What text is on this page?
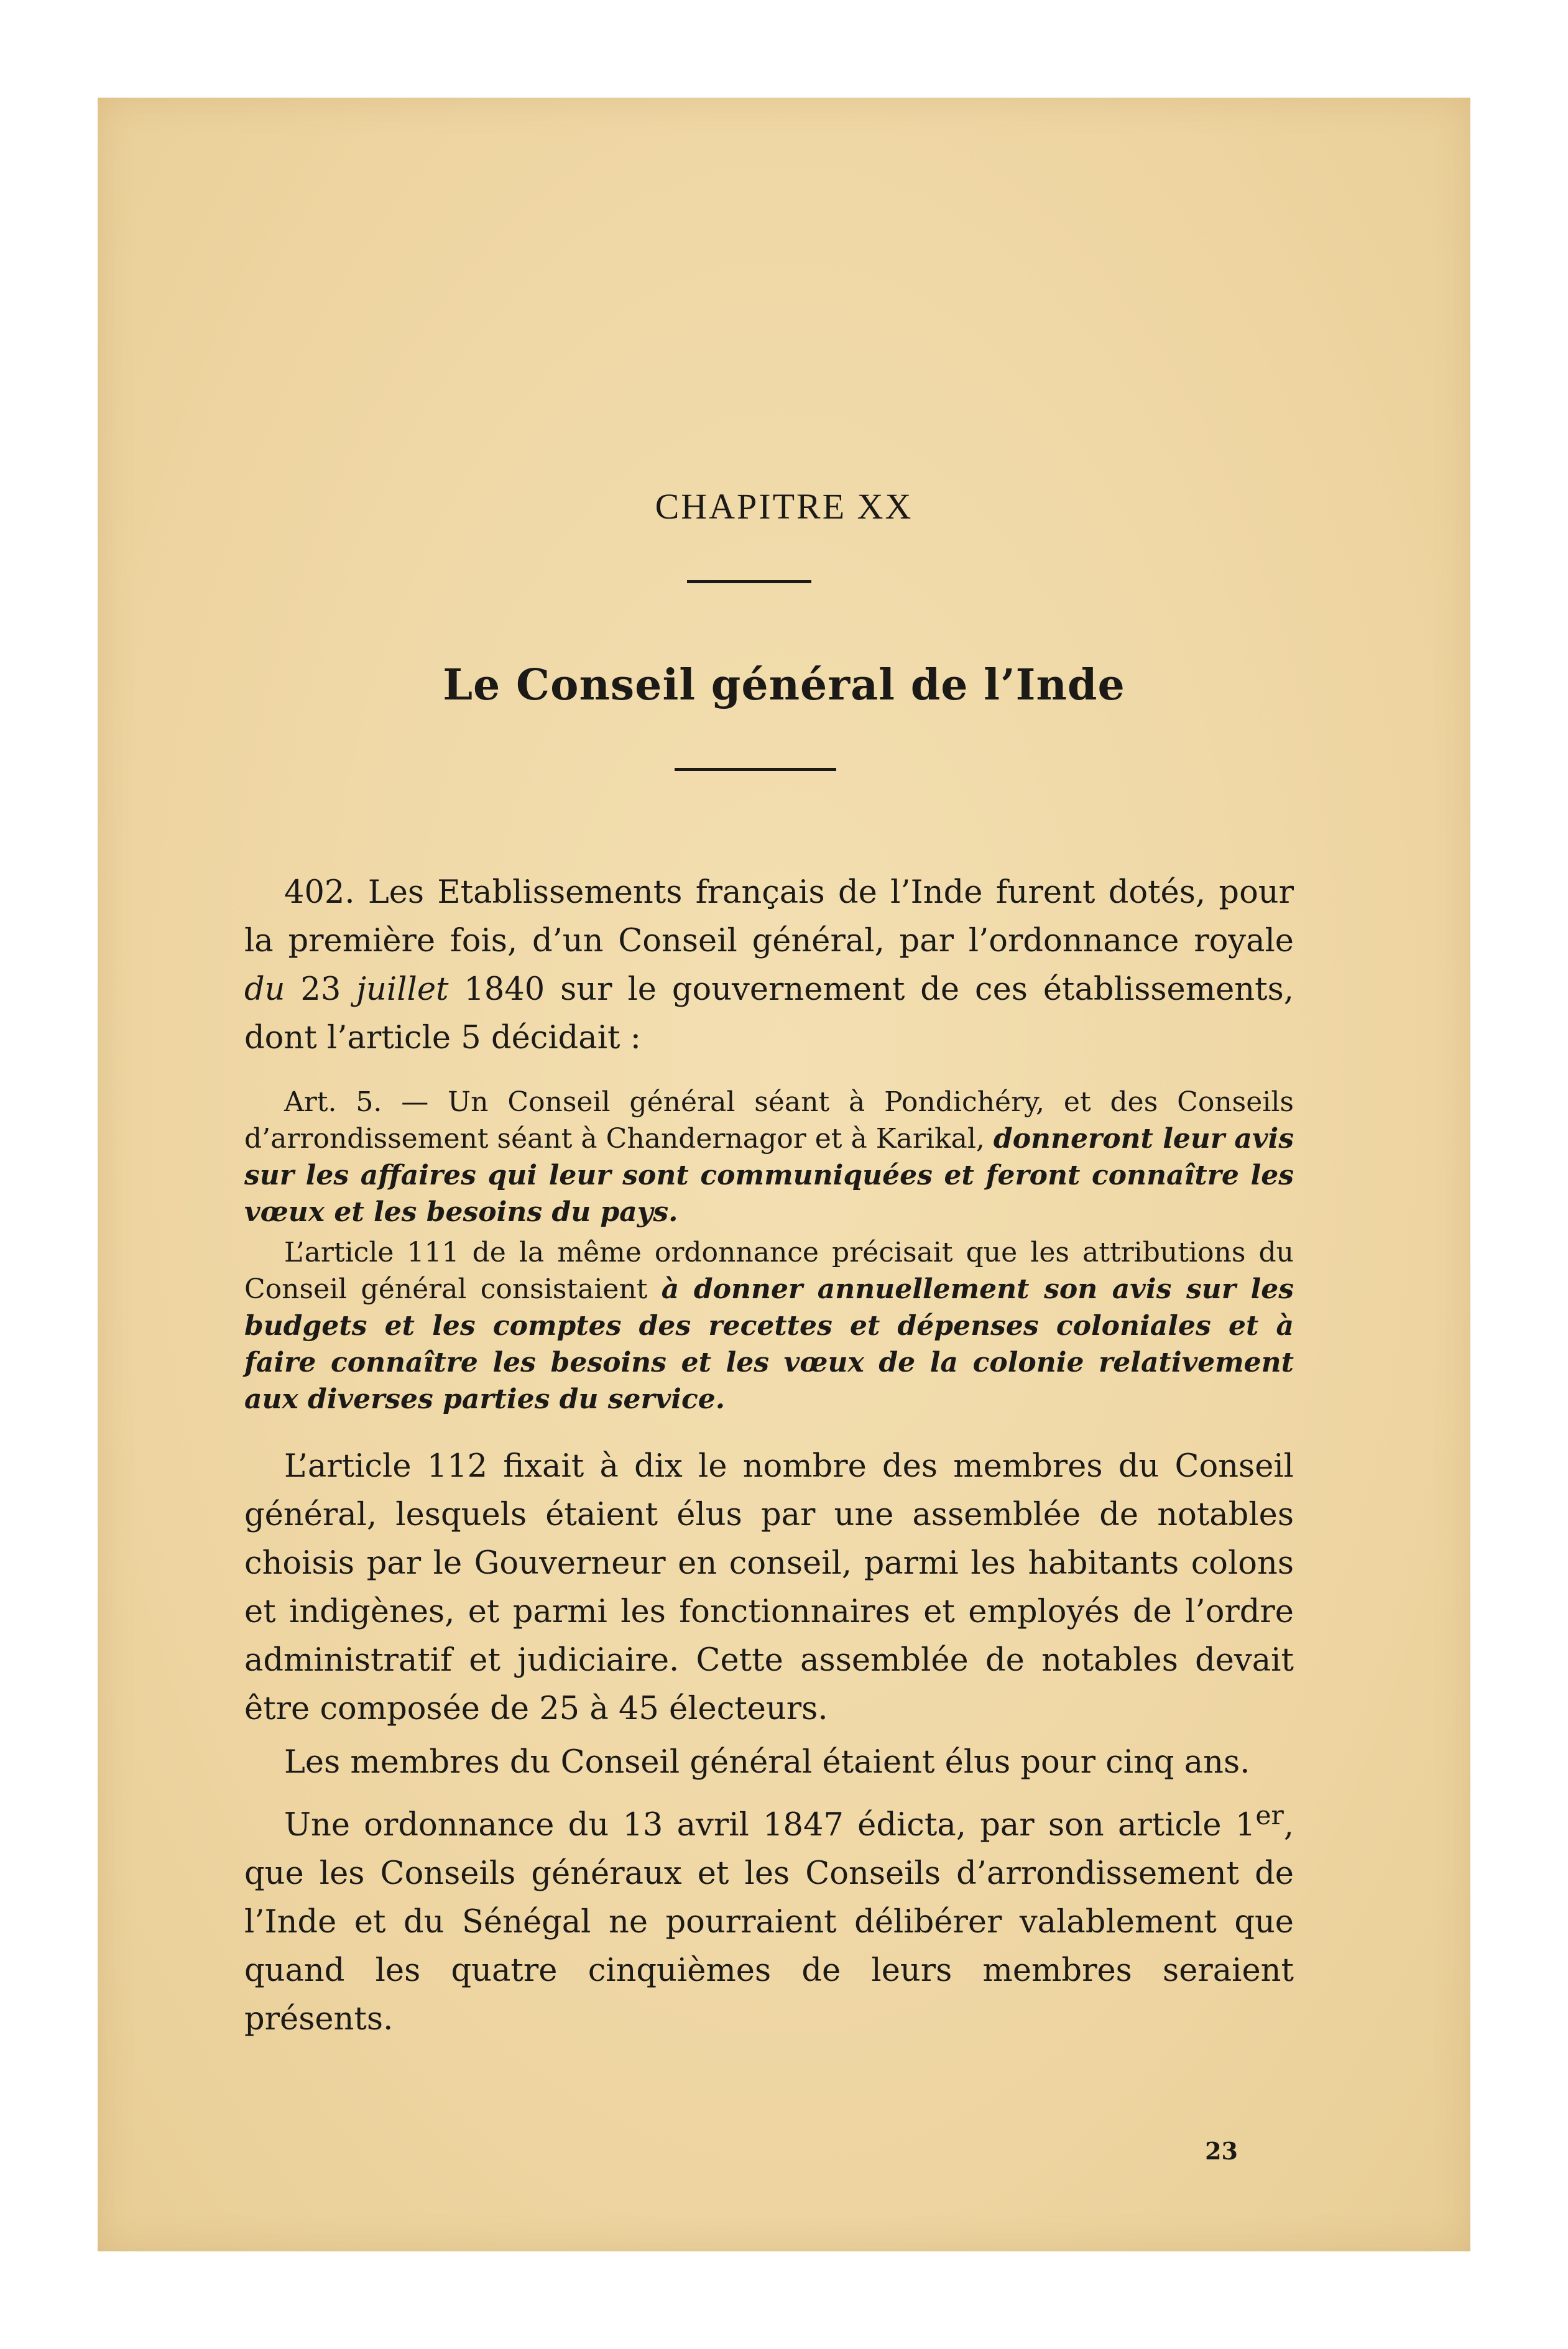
CHAPITRE XX
Le Conseil général de l’Inde

402. Les Etablissements français de l’Inde furent dotés, pour la première fois, d’un Conseil général, par l’ordonnance royale du 23 juillet 1840 sur le gouvernement de ces établissements, dont l’article 5 décidait :

Art. 5. — Un Conseil général séant à Pondichéry, et des Conseils d’arrondissement séant à Chandernagor et à Karikal, donneront leur avis sur les affaires qui leur sont communiquées et feront connaître les vœux et les besoins du pays.

L’article 111 de la même ordonnance précisait que les attributions du Conseil général consistaient à donner annuellement son avis sur les budgets et les comptes des recettes et dépenses coloniales et à faire connaître les besoins et les vœux de la colonie relativement aux diverses parties du service.

L’article 112 fixait à dix le nombre des membres du Conseil général, lesquels étaient élus par une assemblée de notables choisis par le Gouverneur en conseil, parmi les habitants colons et indigènes, et parmi les fonctionnaires et employés de l’ordre administratif et judiciaire. Cette assemblée de notables devait être composée de 25 à 45 électeurs.

Les membres du Conseil général étaient élus pour cinq ans.

Une ordonnance du 13 avril 1847 édicta, par son article 1er, que les Conseils généraux et les Conseils d’arrondissement de l’Inde et du Sénégal ne pourraient délibérer valablement que quand les quatre cinquièmes de leurs membres seraient présents.

23
